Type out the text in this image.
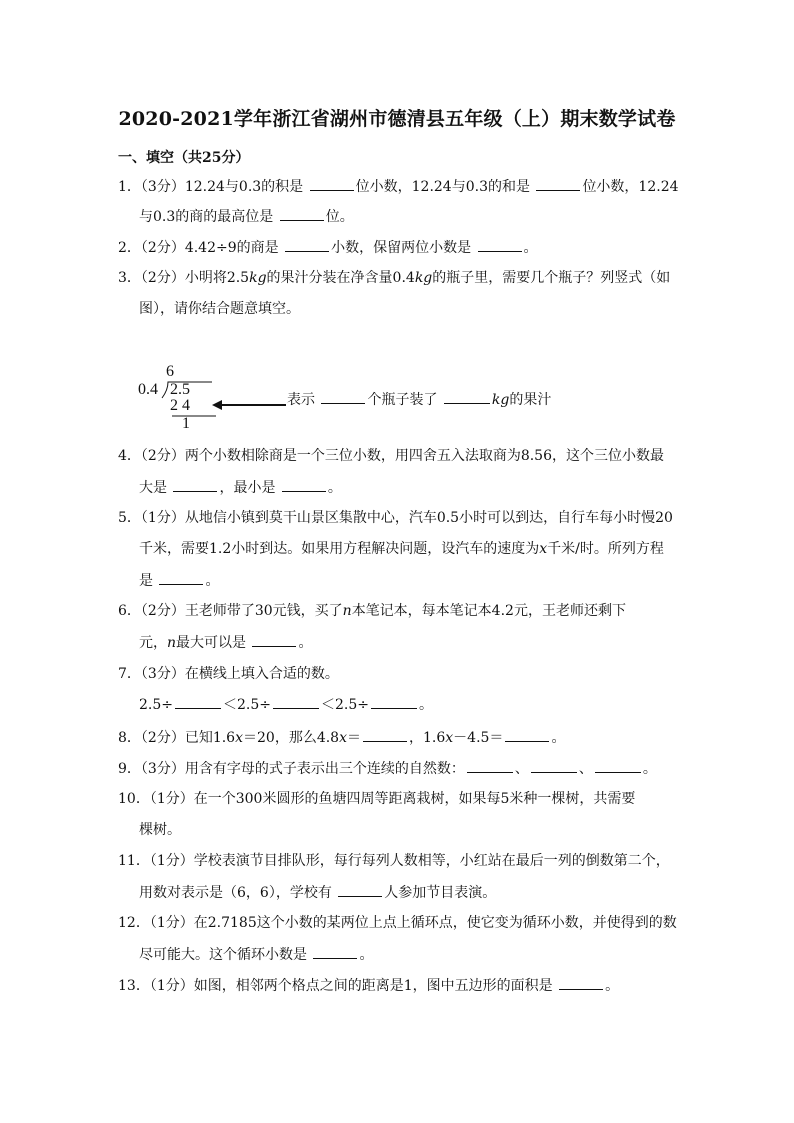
2020-2021学年浙江省湖州市德清县五年级（上）期末数学试卷
一、填空（共25分）
1．（3分）12.24与0.3的积是	位小数，12.24与0.3的和是	位小数，12.24
与0.3的商的最高位是	位。
2．（2分）4.42÷9的商是	小数，保留两位小数是	。
3．（2分）小明将2.5kg的果汁分装在净含量0.4kg的瓶子里，需要几个瓶子？列竖式（如
图），请你结合题意填空。
6
0.4 2.5
2 4
1
表示	个瓶子装了	kg的果汁
4．（2分）两个小数相除商是一个三位小数，用四舍五入法取商为8.56，这个三位小数最
大是	，最小是	。
5．（1分）从地信小镇到莫干山景区集散中心，汽车0.5小时可以到达，自行车每小时慢20
千米，需要1.2小时到达。如果用方程解决问题，设汽车的速度为x千米/时。所列方程
是	。
6．（2分）王老师带了30元钱，买了n本笔记本，每本笔记本4.2元，王老师还剩下
元，n最大可以是	。
7．（3分）在横线上填入合适的数。
2.5÷	＜2.5÷	＜2.5÷	。
8．（2分）已知1.6x＝20，那么4.8x＝	，1.6x－4.5＝	。
9．（3分）用含有字母的式子表示出三个连续的自然数：	、	、	。
10．（1分）在一个300米圆形的鱼塘四周等距离栽树，如果每5米种一棵树，共需要
棵树。
11．（1分）学校表演节目排队形，每行每列人数相等，小红站在最后一列的倒数第二个，
用数对表示是（6，6），学校有	人参加节目表演。
12．（1分）在2.7185这个小数的某两位上点上循环点，使它变为循环小数，并使得到的数
尽可能大。这个循环小数是	。
13．（1分）如图，相邻两个格点之间的距离是1，图中五边形的面积是	。
